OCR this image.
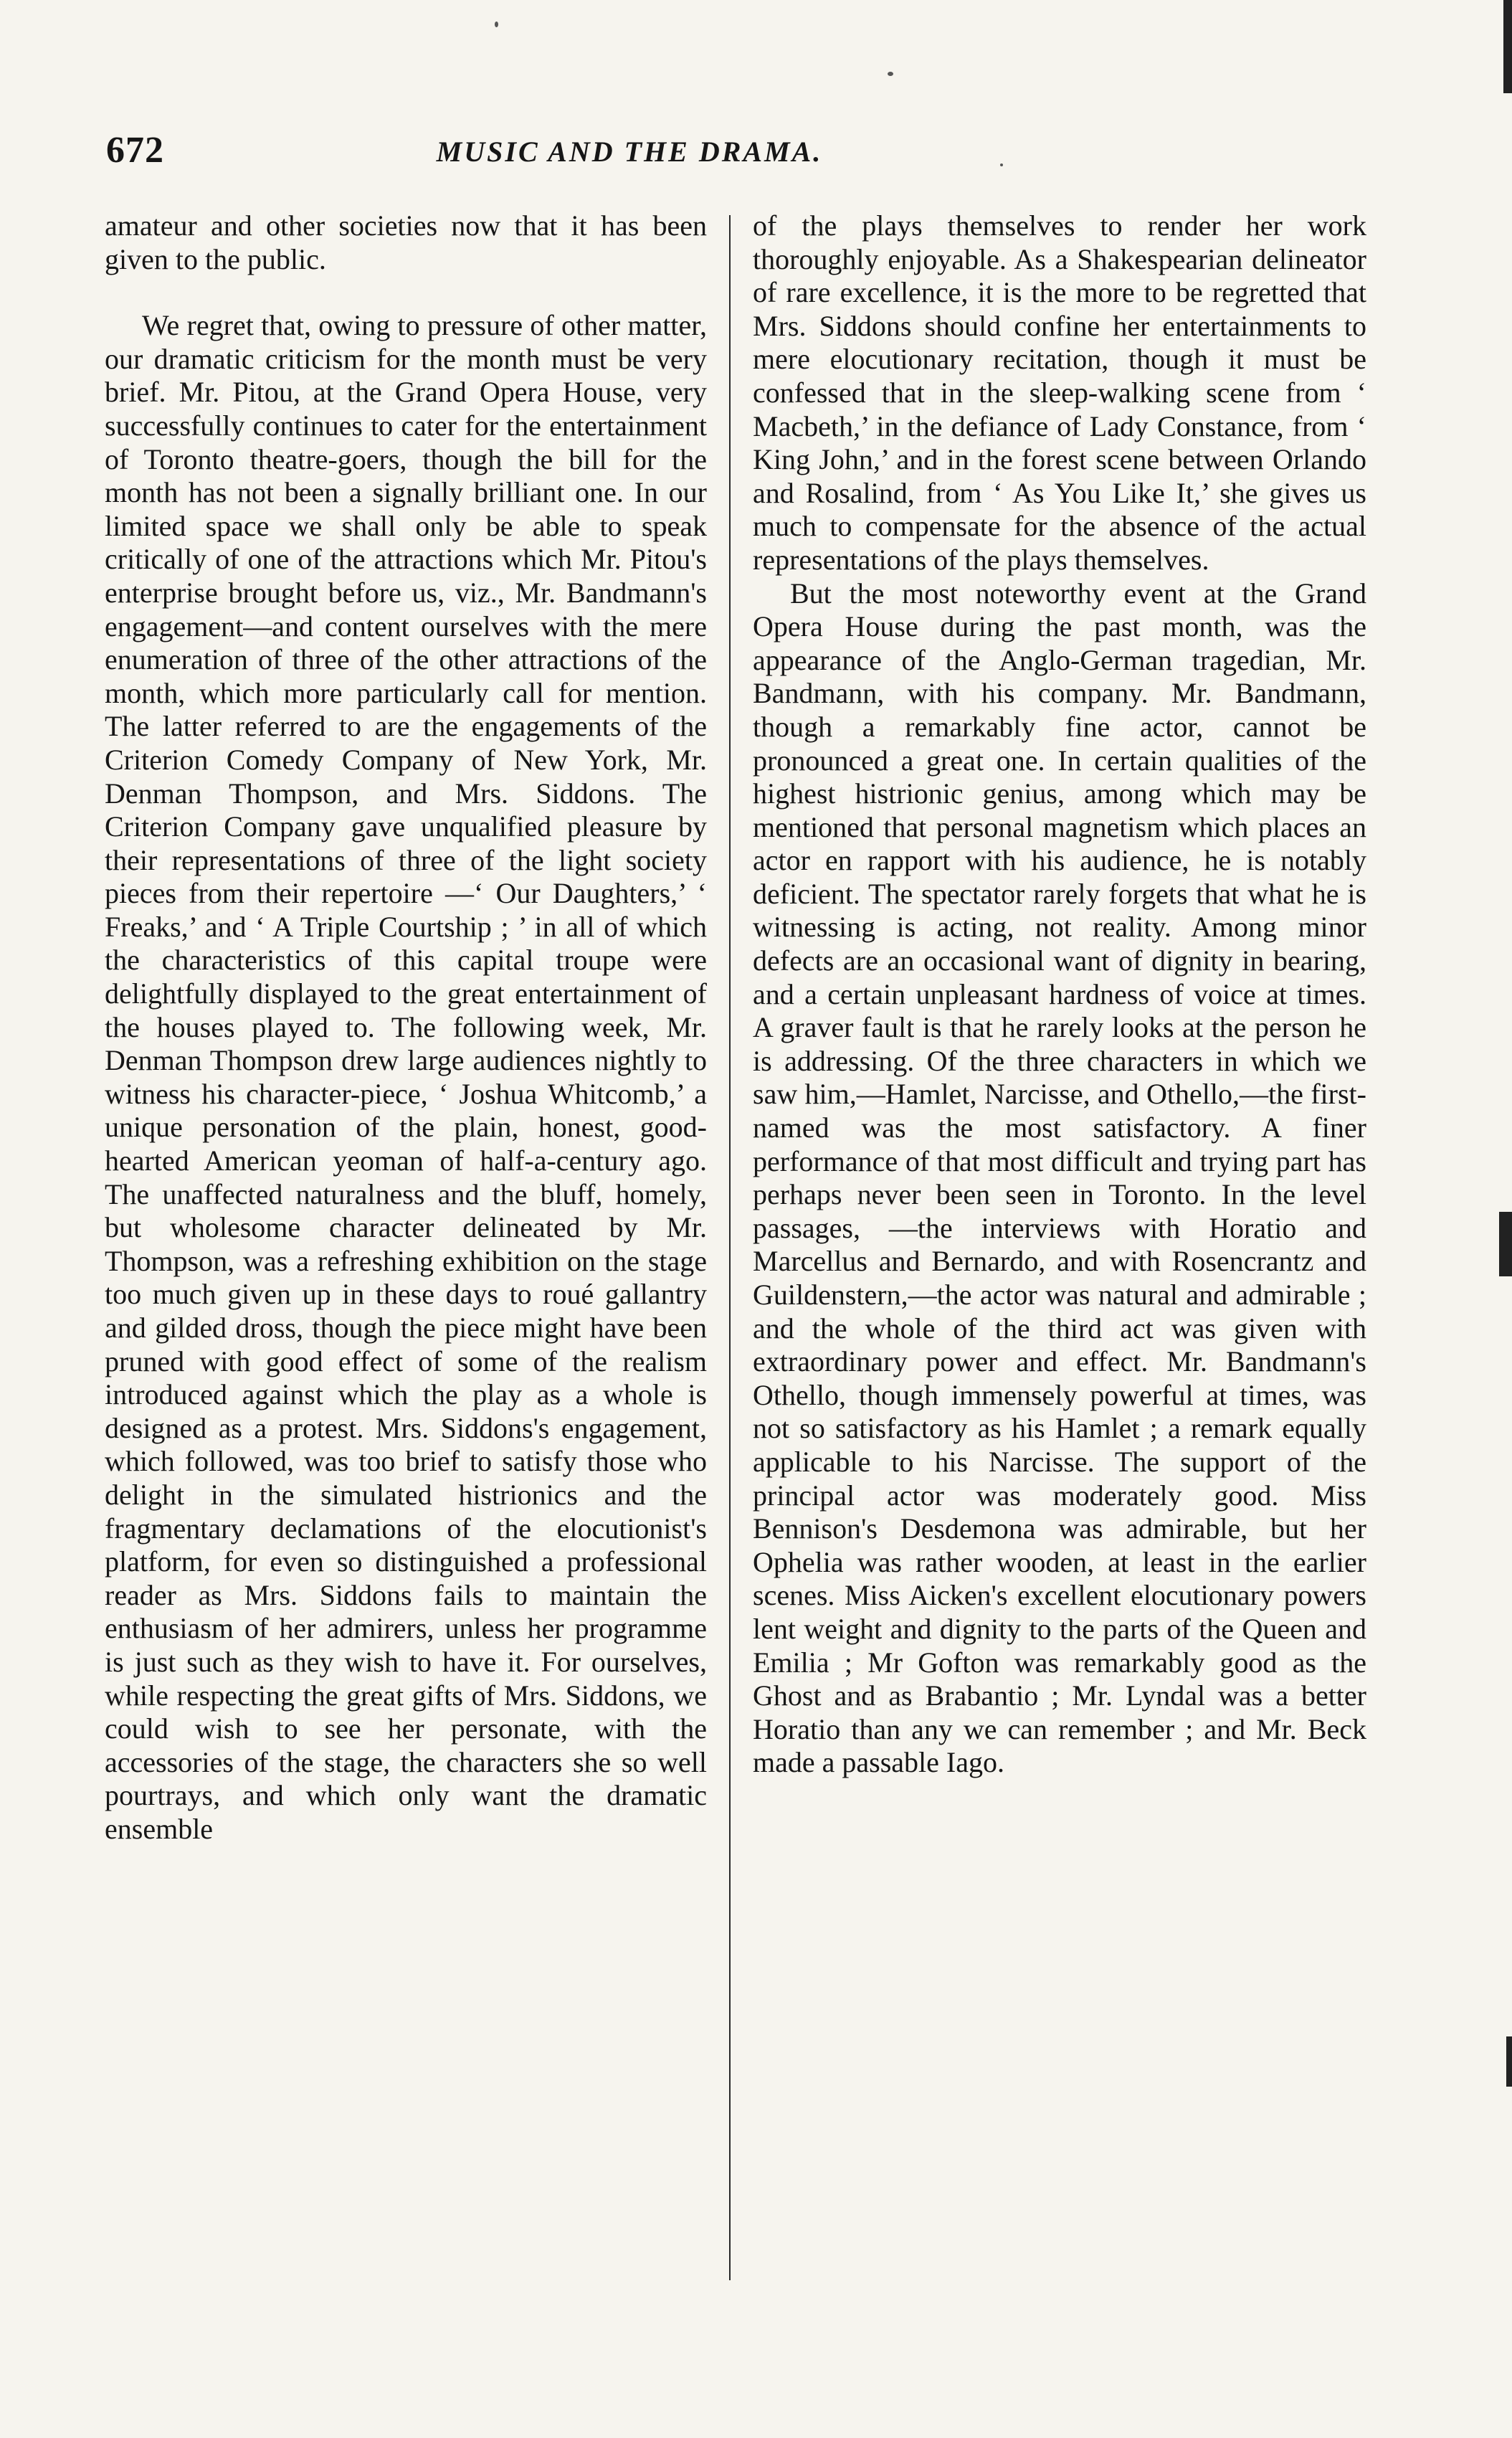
672	MUSIC AND THE DRAMA.

amateur and other societies now that it has been given to the public.

We regret that, owing to pressure of other matter, our dramatic criticism for the month must be very brief. Mr. Pitou, at the Grand Opera House, very successfully continues to cater for the entertainment of Toronto theatre-goers, though the bill for the month has not been a signally brilliant one. In our limited space we shall only be able to speak critically of one of the attractions which Mr. Pitou's enterprise brought before us, viz., Mr. Bandmann's engagement—and content ourselves with the mere enumeration of three of the other attractions of the month, which more particularly call for mention. The latter referred to are the engagements of the Criterion Comedy Company of New York, Mr. Denman Thompson, and Mrs. Siddons. The Criterion Company gave unqualified pleasure by their representations of three of the light society pieces from their repertoire —‘ Our Daughters,’ ‘ Freaks,’ and ‘ A Triple Courtship ; ’ in all of which the characteristics of this capital troupe were delightfully displayed to the great entertainment of the houses played to. The following week, Mr. Denman Thompson drew large audiences nightly to witness his character-piece, ‘ Joshua Whitcomb,’ a unique personation of the plain, honest, good-hearted American yeoman of half-a-century ago. The unaffected naturalness and the bluff, homely, but wholesome character delineated by Mr. Thompson, was a refreshing exhibition on the stage too much given up in these days to roué gallantry and gilded dross, though the piece might have been pruned with good effect of some of the realism introduced against which the play as a whole is designed as a protest. Mrs. Siddons's engagement, which followed, was too brief to satisfy those who delight in the simulated histrionics and the fragmentary declamations of the elocutionist's platform, for even so distinguished a professional reader as Mrs. Siddons fails to maintain the enthusiasm of her admirers, unless her programme is just such as they wish to have it. For ourselves, while respecting the great gifts of Mrs. Siddons, we could wish to see her personate, with the accessories of the stage, the characters she so well pourtrays, and which only want the dramatic ensemble

of the plays themselves to render her work thoroughly enjoyable. As a Shakespearian delineator of rare excellence, it is the more to be regretted that Mrs. Siddons should confine her entertainments to mere elocutionary recitation, though it must be confessed that in the sleep-walking scene from ‘ Macbeth,’ in the defiance of Lady Constance, from ‘ King John,’ and in the forest scene between Orlando and Rosalind, from ‘ As You Like It,’ she gives us much to compensate for the absence of the actual representations of the plays themselves.

But the most noteworthy event at the Grand Opera House during the past month, was the appearance of the Anglo-German tragedian, Mr. Bandmann, with his company. Mr. Bandmann, though a remarkably fine actor, cannot be pronounced a great one. In certain qualities of the highest histrionic genius, among which may be mentioned that personal magnetism which places an actor en rapport with his audience, he is notably deficient. The spectator rarely forgets that what he is witnessing is acting, not reality. Among minor defects are an occasional want of dignity in bearing, and a certain unpleasant hardness of voice at times. A graver fault is that he rarely looks at the person he is addressing. Of the three characters in which we saw him,—Hamlet, Narcisse, and Othello,—the first-named was the most satisfactory. A finer performance of that most difficult and trying part has perhaps never been seen in Toronto. In the level passages, —the interviews with Horatio and Marcellus and Bernardo, and with Rosencrantz and Guildenstern,—the actor was natural and admirable ; and the whole of the third act was given with extraordinary power and effect. Mr. Bandmann's Othello, though immensely powerful at times, was not so satisfactory as his Hamlet ; a remark equally applicable to his Narcisse. The support of the principal actor was moderately good. Miss Bennison's Desdemona was admirable, but her Ophelia was rather wooden, at least in the earlier scenes. Miss Aicken's excellent elocutionary powers lent weight and dignity to the parts of the Queen and Emilia ; Mr Gofton was remarkably good as the Ghost and as Brabantio ; Mr. Lyndal was a better Horatio than any we can remember ; and Mr. Beck made a passable Iago.
